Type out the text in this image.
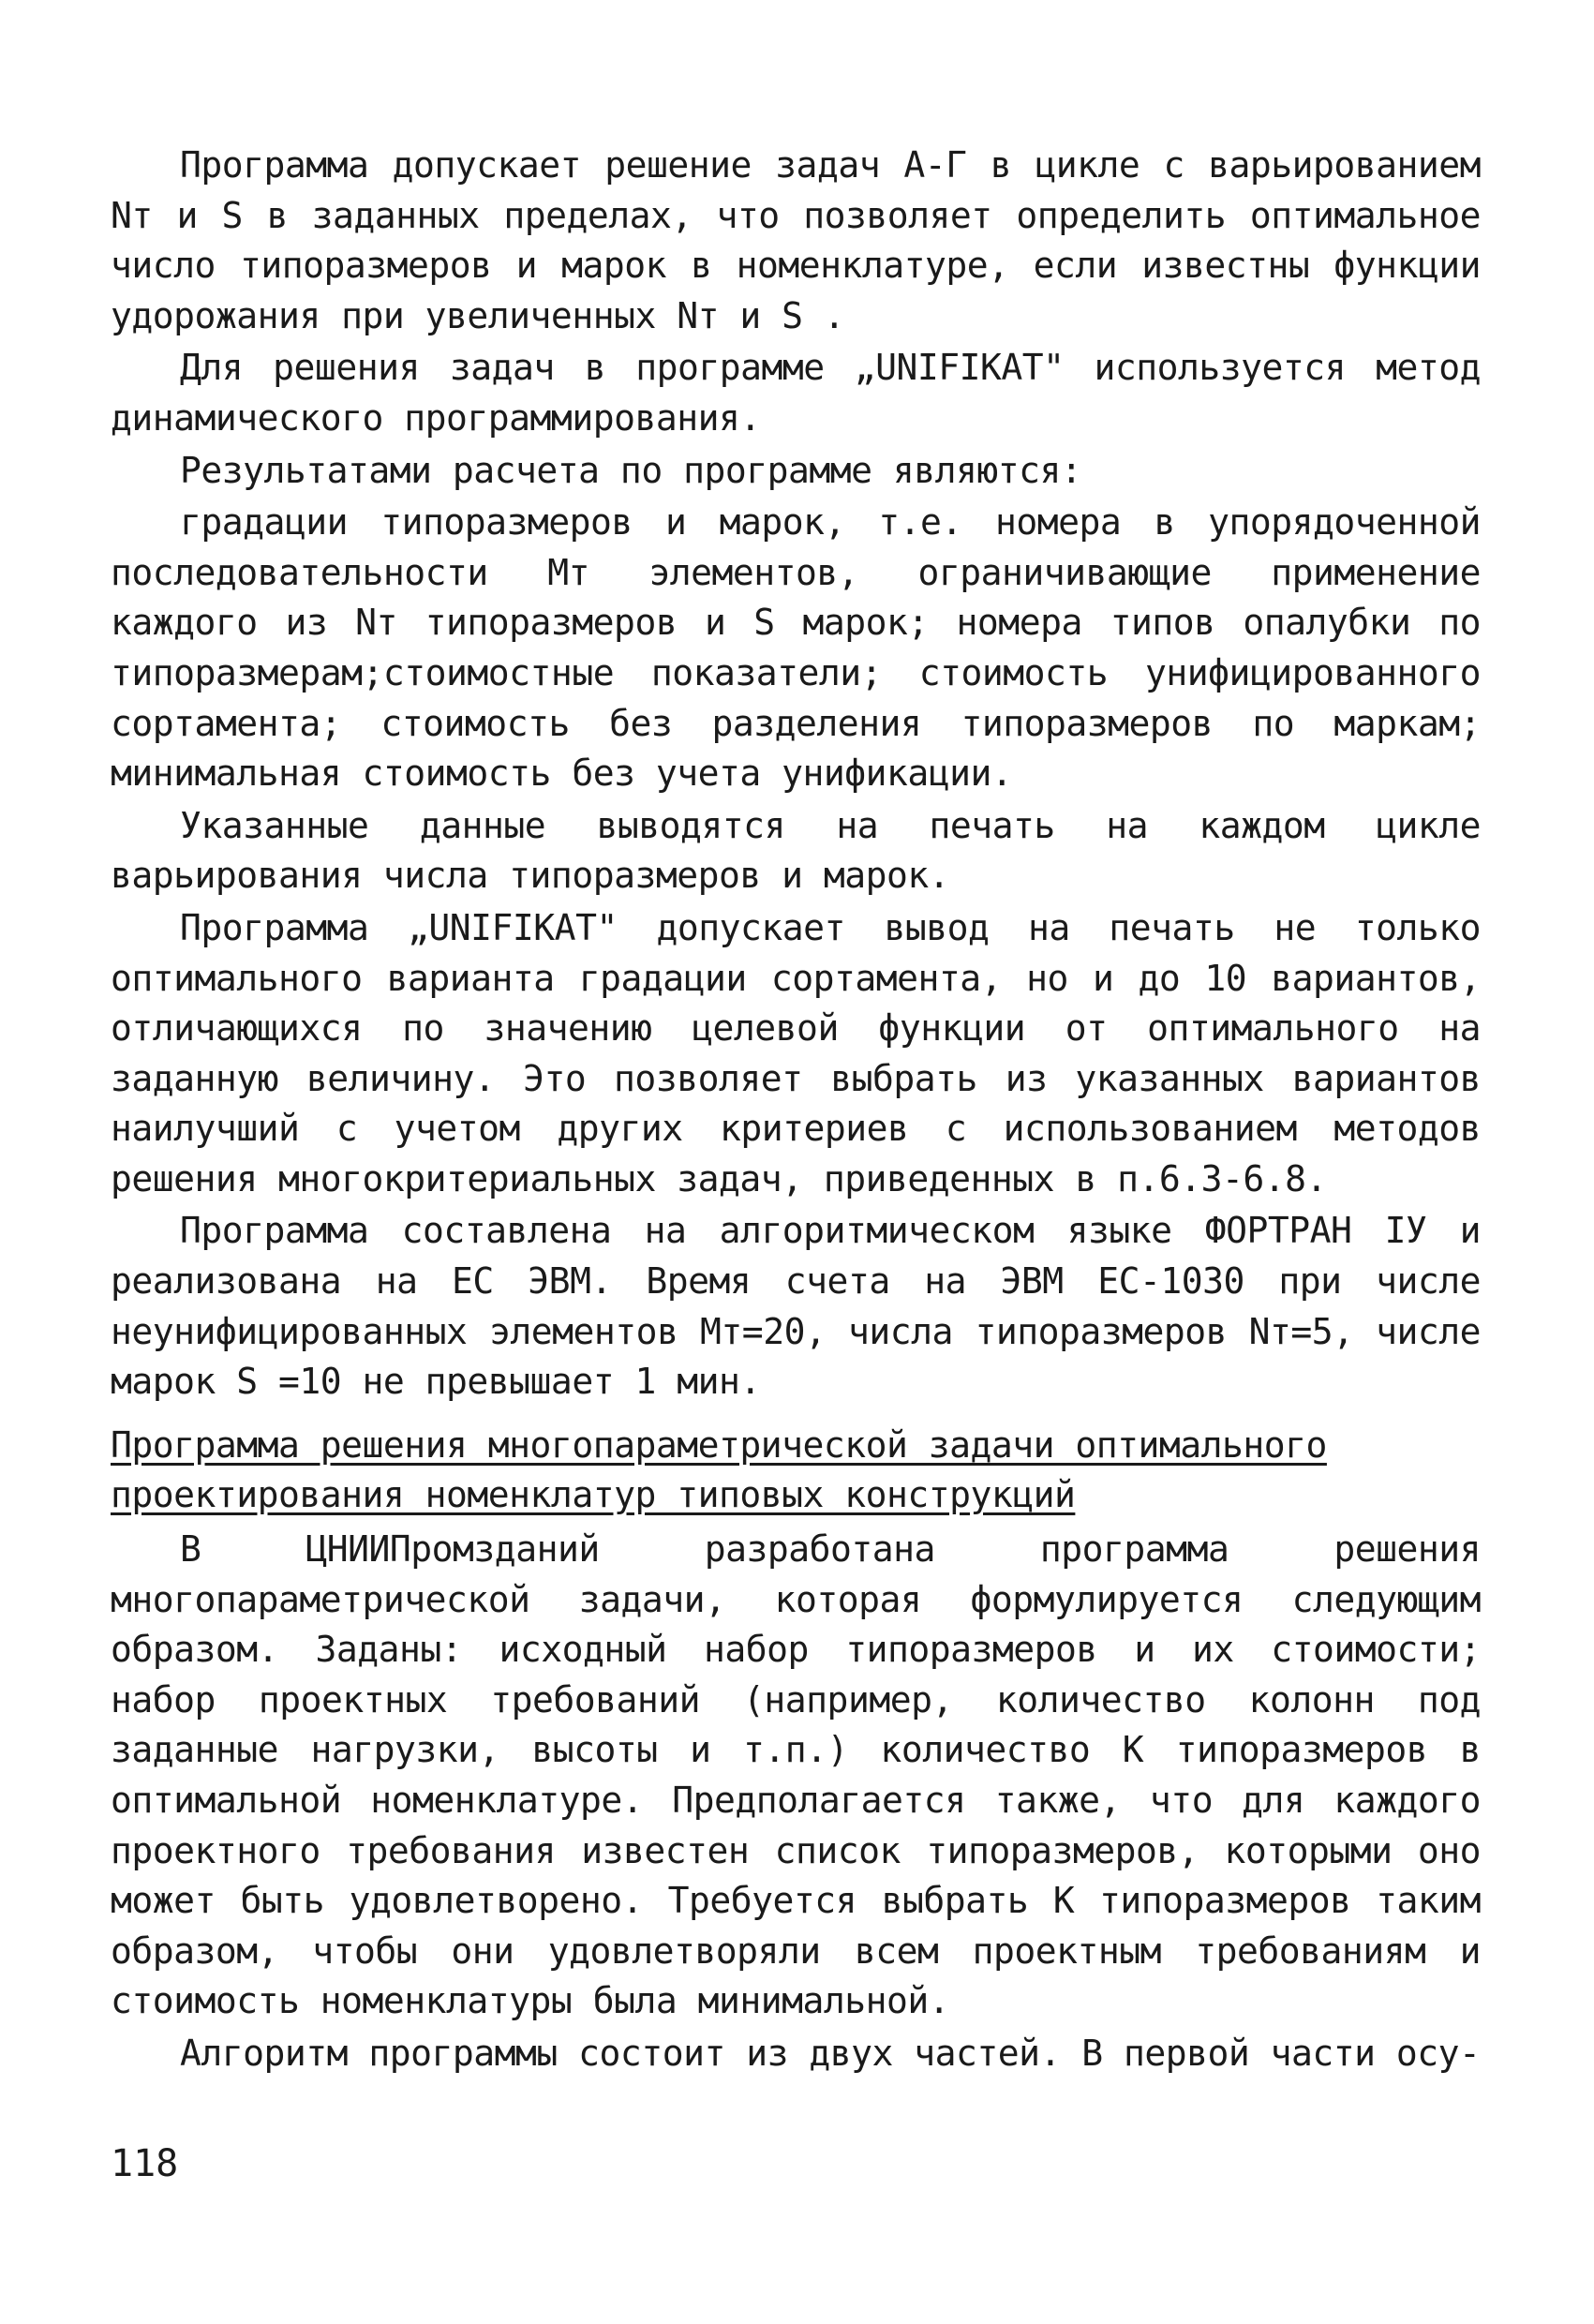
Программа допускает решение задач А-Г в цикле с варьированием Nт и S в заданных пределах, что позволяет определить оптимальное число типоразмеров и марок в номенклатуре, если известны функции удорожания при увеличенных Nт и S .

Для решения задач в программе „UNIFIKAT" используется метод динамического программирования.

Результатами расчета по программе являются:

градации типоразмеров и марок, т.е. номера в упорядоченной последовательности Мт элементов, ограничивающие применение каждого из Nт типоразмеров и S марок; номера типов опалубки по типоразмерам;стоимостные показатели; стоимость унифицированного сортамента; стоимость без разделения типоразмеров по маркам; минимальная стоимость без учета унификации.

Указанные данные выводятся на печать на каждом цикле варьирования числа типоразмеров и марок.

Программа „UNIFIKAT" допускает вывод на печать не только оптимального варианта градации сортамента, но и до 10 вариантов, отличающихся по значению целевой функции от оптимального на заданную величину. Это позволяет выбрать из указанных вариантов наилучший с учетом других критериев с использованием методов решения многокритериальных задач, приведенных в п.6.3-6.8.

Программа составлена на алгоритмическом языке ФОРТРАН IУ и реализована на ЕС ЭВМ. Время счета на ЭВМ ЕС-1030 при числе неунифицированных элементов Мт=20, числа типоразмеров Nт=5, числе марок S =10 не превышает 1 мин.

Программа решения многопараметрической задачи оптимального
проектирования номенклатур типовых конструкций

В ЦНИИПромзданий разработана программа решения многопараметрической задачи, которая формулируется следующим образом. Заданы: исходный набор типоразмеров и их стоимости; набор проектных требований (например, количество колонн под заданные нагрузки, высоты и т.п.) количество К типоразмеров в оптимальной номенклатуре. Предполагается также, что для каждого проектного требования известен список типоразмеров, которыми оно может быть удовлетворено. Требуется выбрать К типоразмеров таким образом, чтобы они удовлетворяли всем проектным требованиям и стоимость номенклатуры была минимальной.

Алгоритм программы состоит из двух частей. В первой части осу-

118
